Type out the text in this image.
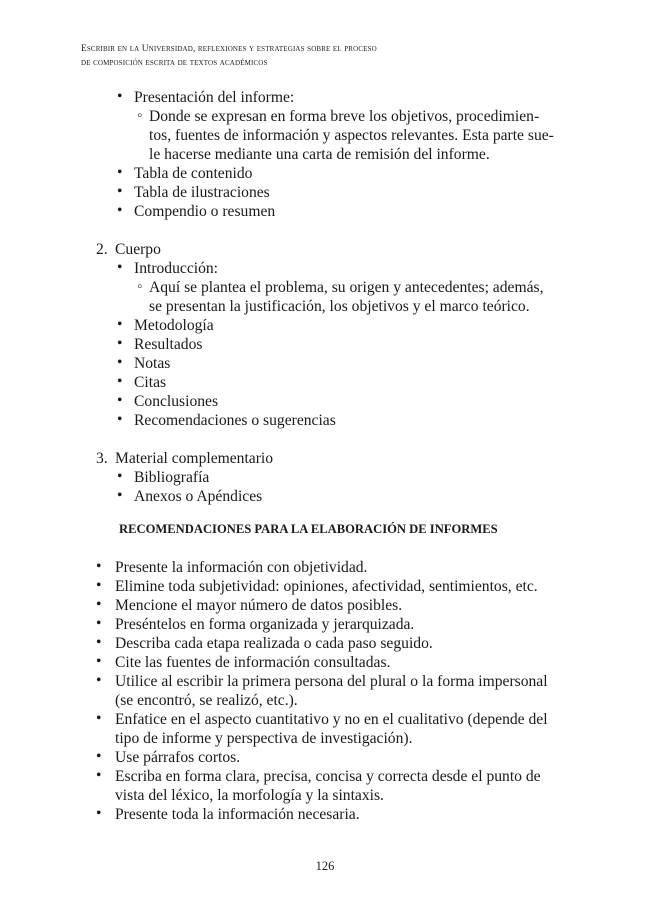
Escribir en la Universidad, reflexiones y estrategias sobre el proceso
de composición escrita de textos académicos
• Presentación del informe:
◦ Donde se expresan en forma breve los objetivos, procedimien-
tos, fuentes de información y aspectos relevantes. Esta parte sue-
le hacerse mediante una carta de remisión del informe.
• Tabla de contenido
• Tabla de ilustraciones
• Compendio o resumen
2. Cuerpo
• Introducción:
◦ Aquí se plantea el problema, su origen y antecedentes; además,
se presentan la justificación, los objetivos y el marco teórico.
• Metodología
• Resultados
• Notas
• Citas
• Conclusiones
• Recomendaciones o sugerencias
3. Material complementario
• Bibliografía
• Anexos o Apéndices
• Presente la información con objetividad.
• Elimine toda subjetividad: opiniones, afectividad, sentimientos, etc.
• Mencione el mayor número de datos posibles.
• Preséntelos en forma organizada y jerarquizada.
• Describa cada etapa realizada o cada paso seguido.
• Cite las fuentes de información consultadas.
• Utilice al escribir la primera persona del plural o la forma impersonal
(se encontró, se realizó, etc.).
• Enfatice en el aspecto cuantitativo y no en el cualitativo (depende del
tipo de informe y perspectiva de investigación).
• Use párrafos cortos.
• Escriba en forma clara, precisa, concisa y correcta desde el punto de
vista del léxico, la morfología y la sintaxis.
• Presente toda la información necesaria.
RECOMENDACIONES PARA LA ELABORACIÓN DE INFORMES
126
